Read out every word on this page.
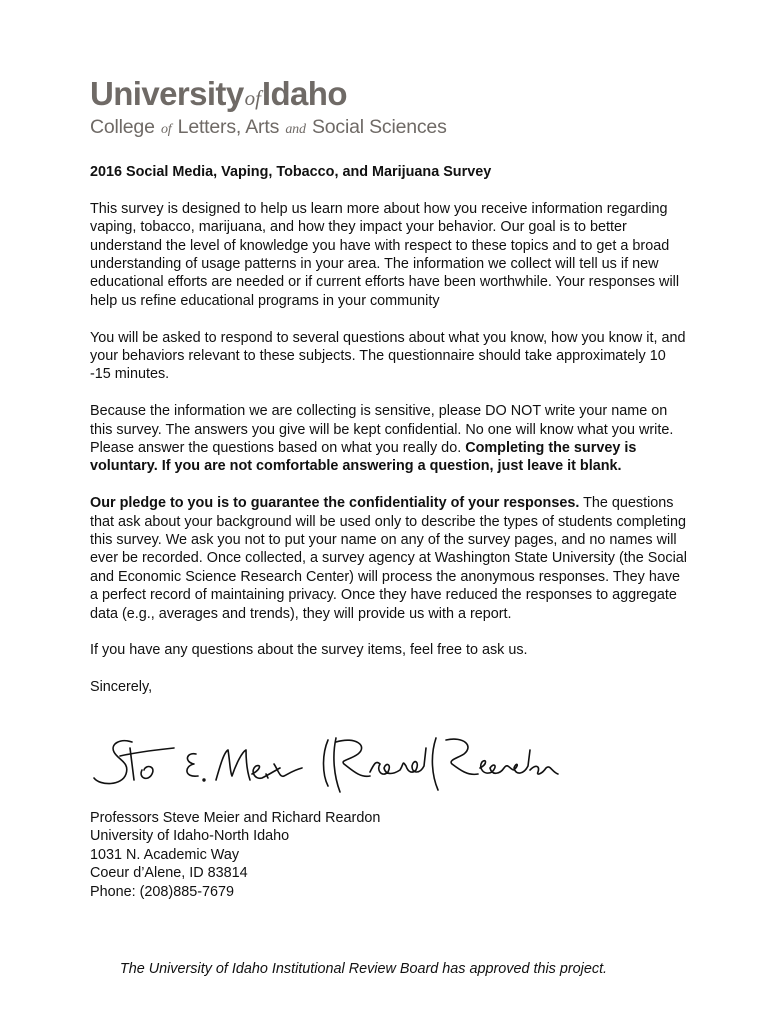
UniversityofIdaho
College of Letters, Arts and Social Sciences

2016 Social Media, Vaping, Tobacco, and Marijuana Survey

This survey is designed to help us learn more about how you receive information regarding vaping, tobacco, marijuana, and how they impact your behavior. Our goal is to better understand the level of knowledge you have with respect to these topics and to get a broad understanding of usage patterns in your area. The information we collect will tell us if new educational efforts are needed or if current efforts have been worthwhile. Your responses will help us refine educational programs in your community

You will be asked to respond to several questions about what you know, how you know it, and your behaviors relevant to these subjects. The questionnaire should take approximately 10 -15 minutes.

Because the information we are collecting is sensitive, please DO NOT write your name on this survey. The answers you give will be kept confidential. No one will know what you write. Please answer the questions based on what you really do. Completing the survey is voluntary. If you are not comfortable answering a question, just leave it blank.

Our pledge to you is to guarantee the confidentiality of your responses. The questions that ask about your background will be used only to describe the types of students completing this survey. We ask you not to put your name on any of the survey pages, and no names will ever be recorded. Once collected, a survey agency at Washington State University (the Social and Economic Science Research Center) will process the anonymous responses. They have a perfect record of maintaining privacy. Once they have reduced the responses to aggregate data (e.g., averages and trends), they will provide us with a report.

If you have any questions about the survey items, feel free to ask us.

Sincerely,

Professors Steve Meier and Richard Reardon
University of Idaho-North Idaho
1031 N. Academic Way
Coeur d’Alene, ID 83814
Phone: (208)885-7679
The University of Idaho Institutional Review Board has approved this project.
